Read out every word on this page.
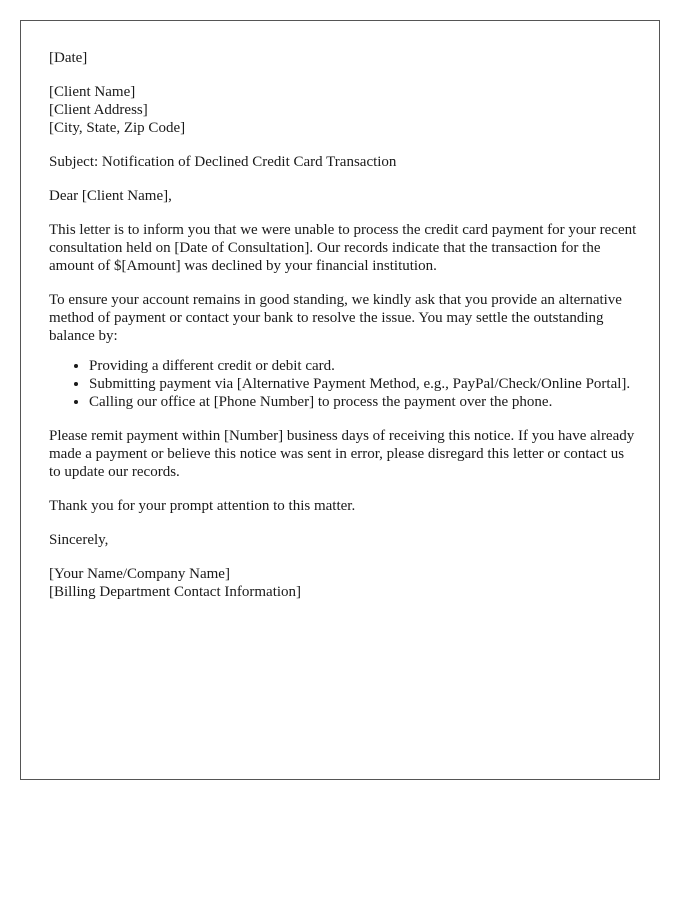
[Date]
[Client Name]
[Client Address]
[City, State, Zip Code]
Subject: Notification of Declined Credit Card Transaction
Dear [Client Name],
This letter is to inform you that we were unable to process the credit card payment for your recent consultation held on [Date of Consultation]. Our records indicate that the transaction for the amount of $[Amount] was declined by your financial institution.
To ensure your account remains in good standing, we kindly ask that you provide an alternative method of payment or contact your bank to resolve the issue. You may settle the outstanding balance by:
• Providing a different credit or debit card.
• Submitting payment via [Alternative Payment Method, e.g., PayPal/Check/Online Portal].
• Calling our office at [Phone Number] to process the payment over the phone.
Please remit payment within [Number] business days of receiving this notice. If you have already made a payment or believe this notice was sent in error, please disregard this letter or contact us to update our records.
Thank you for your prompt attention to this matter.
Sincerely,
[Your Name/Company Name]
[Billing Department Contact Information]
